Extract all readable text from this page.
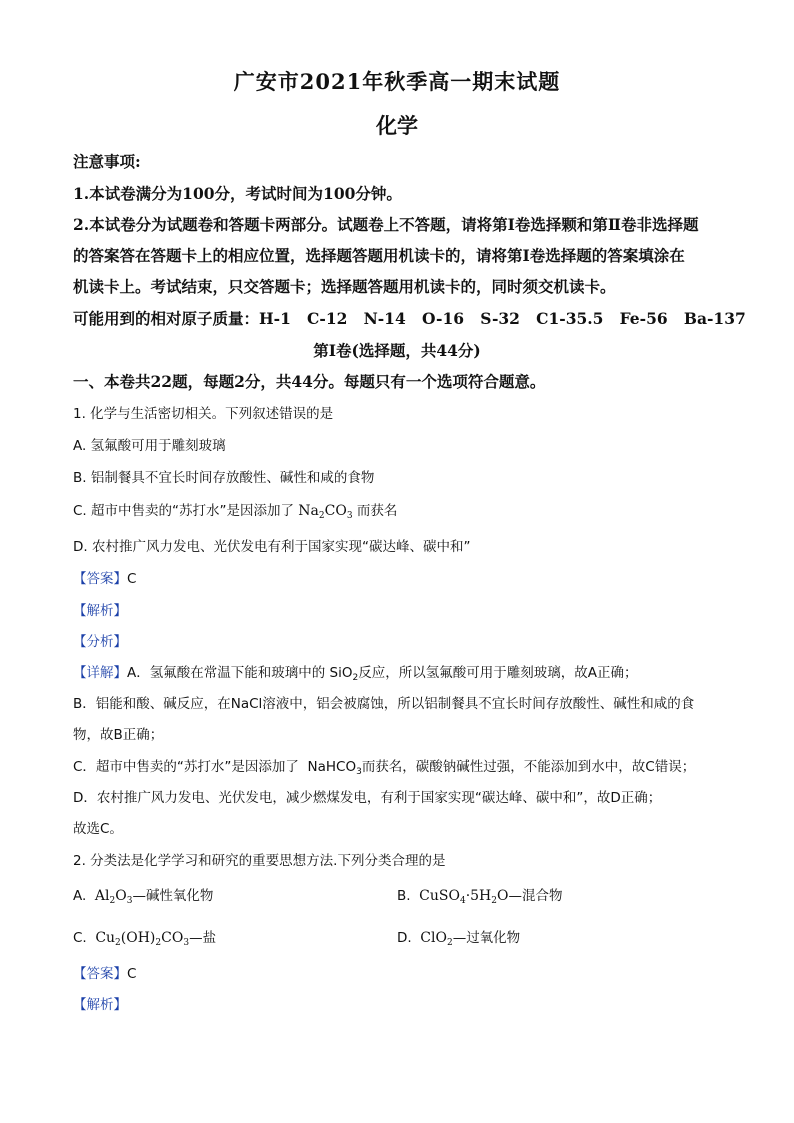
广安市2021年秋季高一期末试题
化学
注意事项:
1.本试卷满分为100分，考试时间为100分钟。
2.本试卷分为试题卷和答题卡两部分。试题卷上不答题，请将第Ⅰ卷选择颗和第Ⅱ卷非选择题
的答案答在答题卡上的相应位置，选择题答题用机读卡的，请将第Ⅰ卷选择题的答案填涂在
机读卡上。考试结束，只交答题卡；选择题答题用机读卡的，同时须交机读卡。
可能用到的相对原子质量：H-1   C-12   N-14   O-16   S-32   C1-35.5   Fe-56   Ba-137
第Ⅰ卷(选择题，共44分)
一、本卷共22题，每题2分，共44分。每题只有一个选项符合题意。
1. 化学与生活密切相关。下列叙述错误的是
A. 氢氟酸可用于雕刻玻璃
B. 铝制餐具不宜长时间存放酸性、碱性和咸的食物
C. 超市中售卖的“苏打水”是因添加了 $Na_2CO_3$ 而获名
D. 农村推广风力发电、光伏发电有利于国家实现“碳达峰、碳中和”
【答案】C
【解析】
【分析】
【详解】A．氢氟酸在常温下能和玻璃中的 SiO$_2$反应，所以氢氟酸可用于雕刻玻璃，故A正确；
B．铝能和酸、碱反应，在NaCl溶液中，铝会被腐蚀，所以铝制餐具不宜长时间存放酸性、碱性和咸的食
物，故B正确；
C．超市中售卖的“苏打水”是因添加了  NaHCO$_3$而获名，碳酸钠碱性过强，不能添加到水中，故C错误；
D．农村推广风力发电、光伏发电，减少燃煤发电，有利于国家实现“碳达峰、碳中和”，故D正确；
故选C。
2. 分类法是化学学习和研究的重要思想方法.下列分类合理的是
A. $Al_2O_3—$碱性氧化物	B. $CuSO_4\cdot 5H_2O—$混合物
C. $Cu_2(OH)_2CO_3—$盐	D. ClO$_2$—过氧化物
【答案】C
【解析】
